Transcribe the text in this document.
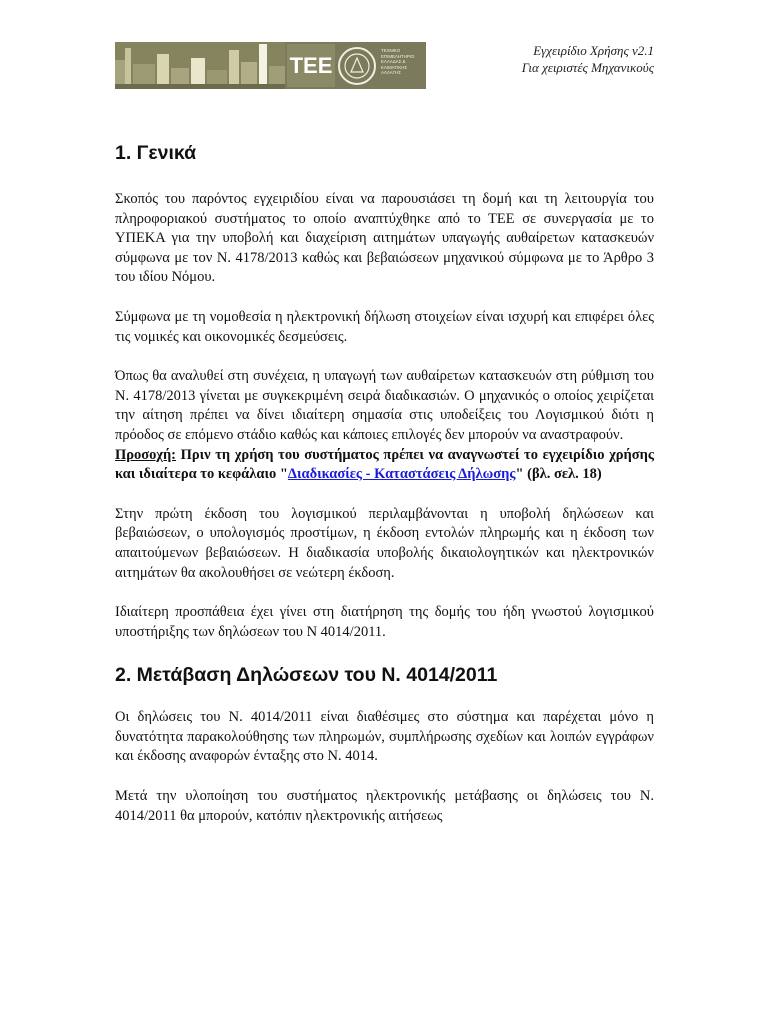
ΤΕΕ
ΤΕΧΝΙΚΟ ΕΠΙΜΕΛΗΤΗΡΙΟ ΕΛΛΑΔΑΣ & ΚΛΙΜΑΤΙΚΗΣ ΑΛΛΑΓΗΣ
Εγχειρίδιο Χρήσης v2.1
Για χειριστές Μηχανικούς
1. Γενικά

Σκοπός του παρόντος εγχειριδίου είναι να παρουσιάσει τη δομή και τη λειτουργία του πληροφοριακού συστήματος το οποίο αναπτύχθηκε από το ΤΕΕ σε συνεργασία με το ΥΠΕΚΑ για την υποβολή και διαχείριση αιτημάτων υπαγωγής αυθαίρετων κατασκευών σύμφωνα με τον Ν. 4178/2013 καθώς και βεβαιώσεων μηχανικού σύμφωνα με το Άρθρο 3 του ιδίου Νόμου.

Σύμφωνα με τη νομοθεσία η ηλεκτρονική δήλωση στοιχείων είναι ισχυρή και επιφέρει όλες τις νομικές και οικονομικές δεσμεύσεις.

Όπως θα αναλυθεί στη συνέχεια, η υπαγωγή των αυθαίρετων κατασκευών στη ρύθμιση του Ν. 4178/2013 γίνεται με συγκεκριμένη σειρά διαδικασιών. Ο μηχανικός ο οποίος χειρίζεται την αίτηση πρέπει να δίνει ιδιαίτερη σημασία στις υποδείξεις του Λογισμικού διότι η πρόοδος σε επόμενο στάδιο καθώς και κάποιες επιλογές δεν μπορούν να αναστραφούν.

Προσοχή: Πριν τη χρήση του συστήματος πρέπει να αναγνωστεί το εγχειρίδιο χρήσης και ιδιαίτερα το κεφάλαιο "Διαδικασίες - Καταστάσεις Δήλωσης" (βλ. σελ. 18)

Στην πρώτη έκδοση του λογισμικού περιλαμβάνονται η υποβολή δηλώσεων και βεβαιώσεων, ο υπολογισμός προστίμων, η έκδοση εντολών πληρωμής και η έκδοση των απαιτούμενων βεβαιώσεων. Η διαδικασία υποβολής δικαιολογητικών και ηλεκτρονικών αιτημάτων θα ακολουθήσει σε νεώτερη έκδοση.

Ιδιαίτερη προσπάθεια έχει γίνει στη διατήρηση της δομής του ήδη γνωστού λογισμικού υποστήριξης των δηλώσεων του Ν 4014/2011.

2. Μετάβαση Δηλώσεων του Ν. 4014/2011

Οι δηλώσεις του Ν. 4014/2011 είναι διαθέσιμες στο σύστημα και παρέχεται μόνο η δυνατότητα παρακολούθησης των πληρωμών, συμπλήρωσης σχεδίων και λοιπών εγγράφων και έκδοσης αναφορών ένταξης στο Ν. 4014.

Μετά την υλοποίηση του συστήματος ηλεκτρονικής μετάβασης οι δηλώσεις του Ν. 4014/2011 θα μπορούν, κατόπιν ηλεκτρονικής αιτήσεως
